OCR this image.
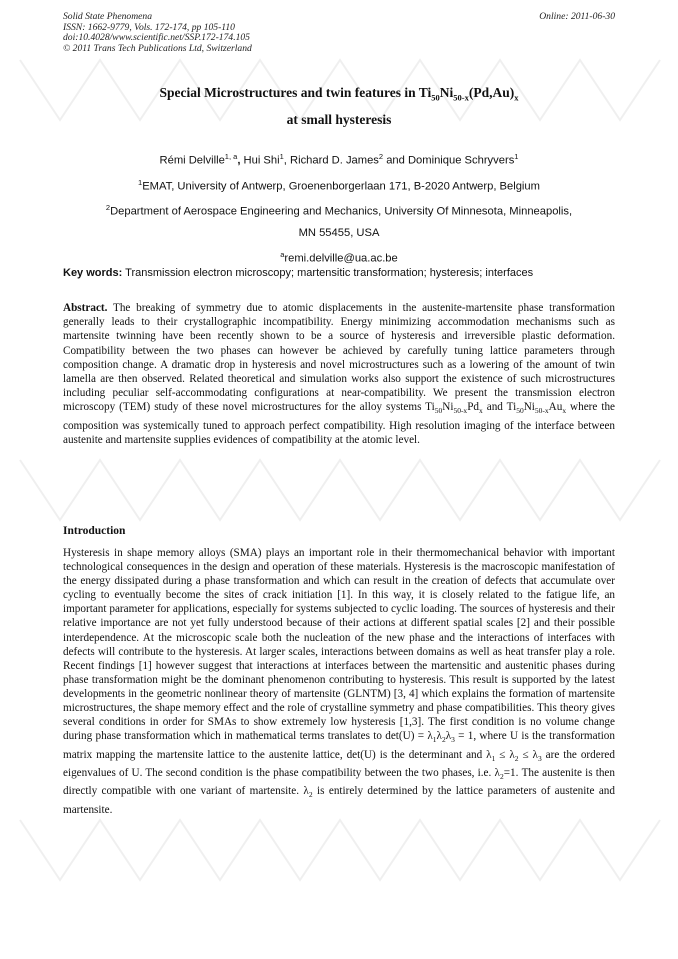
Solid State Phenomena
ISSN: 1662-9779, Vols. 172-174, pp 105-110
doi:10.4028/www.scientific.net/SSP.172-174.105
© 2011 Trans Tech Publications Ltd, Switzerland
Online: 2011-06-30
Special Microstructures and twin features in $Ti_{50}Ni_{50-x}(Pd,Au)_x$
at small hysteresis
Rémi Delville$^{1, a}$, Hui Shi$^1$, Richard D. James$^2$ and Dominique Schryvers$^1$
$^1$EMAT, University of Antwerp, Groenenborgerlaan 171, B-2020 Antwerp, Belgium
$^2$Department of Aerospace Engineering and Mechanics, University Of Minnesota, Minneapolis,
MN 55455, USA
$^a$remi.delville@ua.ac.be
Key words: Transmission electron microscopy; martensitic transformation; hysteresis; interfaces
Abstract. The breaking of symmetry due to atomic displacements in the austenite-martensite phase transformation generally leads to their crystallographic incompatibility. Energy minimizing accommodation mechanisms such as martensite twinning have been recently shown to be a source of hysteresis and irreversible plastic deformation. Compatibility between the two phases can however be achieved by carefully tuning lattice parameters through composition change. A dramatic drop in hysteresis and novel microstructures such as a lowering of the amount of twin lamella are then observed. Related theoretical and simulation works also support the existence of such microstructures including peculiar self-accommodating configurations at near-compatibility. We present the transmission electron microscopy (TEM) study of these novel microstructures for the alloy systems $Ti_{50}Ni_{50-x}Pd_x$ and $Ti_{50}Ni_{50-x}Au_x$ where the composition was systemically tuned to approach perfect compatibility. High resolution imaging of the interface between austenite and martensite supplies evidences of compatibility at the atomic level.
Introduction
Hysteresis in shape memory alloys (SMA) plays an important role in their thermomechanical behavior with important technological consequences in the design and operation of these materials. Hysteresis is the macroscopic manifestation of the energy dissipated during a phase transformation and which can result in the creation of defects that accumulate over cycling to eventually become the sites of crack initiation [1]. In this way, it is closely related to the fatigue life, an important parameter for applications, especially for systems subjected to cyclic loading. The sources of hysteresis and their relative importance are not yet fully understood because of their actions at different spatial scales [2] and their possible interdependence. At the microscopic scale both the nucleation of the new phase and the interactions of interfaces with defects will contribute to the hysteresis. At larger scales, interactions between domains as well as heat transfer play a role. Recent findings [1] however suggest that interactions at interfaces between the martensitic and austenitic phases during phase transformation might be the dominant phenomenon contributing to hysteresis. This result is supported by the latest developments in the geometric nonlinear theory of martensite (GLNTM) [3, 4] which explains the formation of martensite microstructures, the shape memory effect and the role of crystalline symmetry and phase compatibilities. This theory gives several conditions in order for SMAs to show extremely low hysteresis [1,3]. The first condition is no volume change during phase transformation which in mathematical terms translates to $\det(U) = \lambda_1\lambda_2\lambda_3 = 1$, where U is the transformation matrix mapping the martensite lattice to the austenite lattice, det(U) is the determinant and $\lambda_1 \le \lambda_2 \le \lambda_3$ are the ordered eigenvalues of U. The second condition is the phase compatibility between the two phases, i.e. $\lambda_2=1$. The austenite is then directly compatible with one variant of martensite. $\lambda_2$ is entirely determined by the lattice parameters of austenite and martensite.
